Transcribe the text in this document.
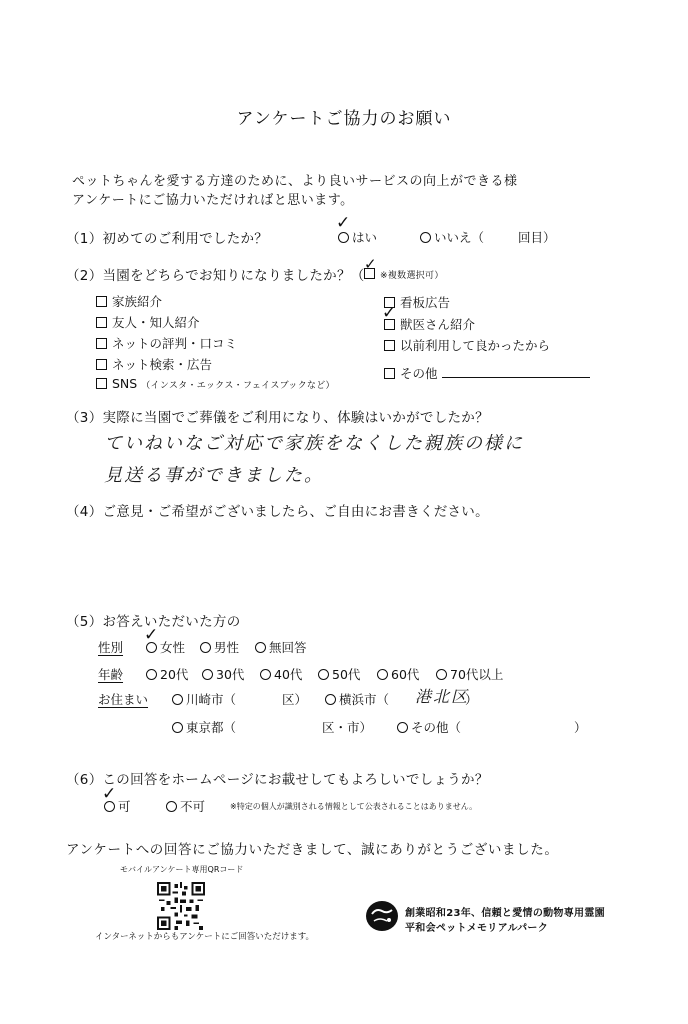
アンケートご協力のお願い
ペットちゃんを愛する方達のために、より良いサービスの向上ができる様
アンケートにご協力いただければと思います。
（1）初めてのご利用でしたか？	はい
✓
いいえ（	回目）
（2）当園をどちらでお知りになりましたか？（	※複数選択可）
✓
家族紹介
友人・知人紹介
ネットの評判・口コミ
ネット検索・広告
SNS （インスタ・エックス・フェイスブックなど）
看板広告
獣医さん紹介
✓
以前利用して良かったから
その他
（3）実際に当園でご葬儀をご利用になり、体験はいかがでしたか？
ていねいなご対応で家族をなくした親族の様に
見送る事ができました。
（4）ご意見・ご希望がございましたら、ご自由にお書きください。
（5）お答えいただいた方の
性別	女性
✓
男性	無回答
年齢	20代	30代	40代	50代	60代	70代以上
お住まい	川崎市（	区）	横浜市（ 港北区
）
東京都（	区・市）	その他（	）
（6）この回答をホームページにお載せしてもよろしいでしょうか？
可
✓
不可	※特定の個人が識別される情報として公表されることはありません。
アンケートへの回答にご協力いただきまして、誠にありがとうございました。
モバイルアンケート専用QRコード
インターネットからもアンケートにご回答いただけます。
創業昭和23年、信頼と愛情の動物専用霊園
平和会ペットメモリアルパーク
